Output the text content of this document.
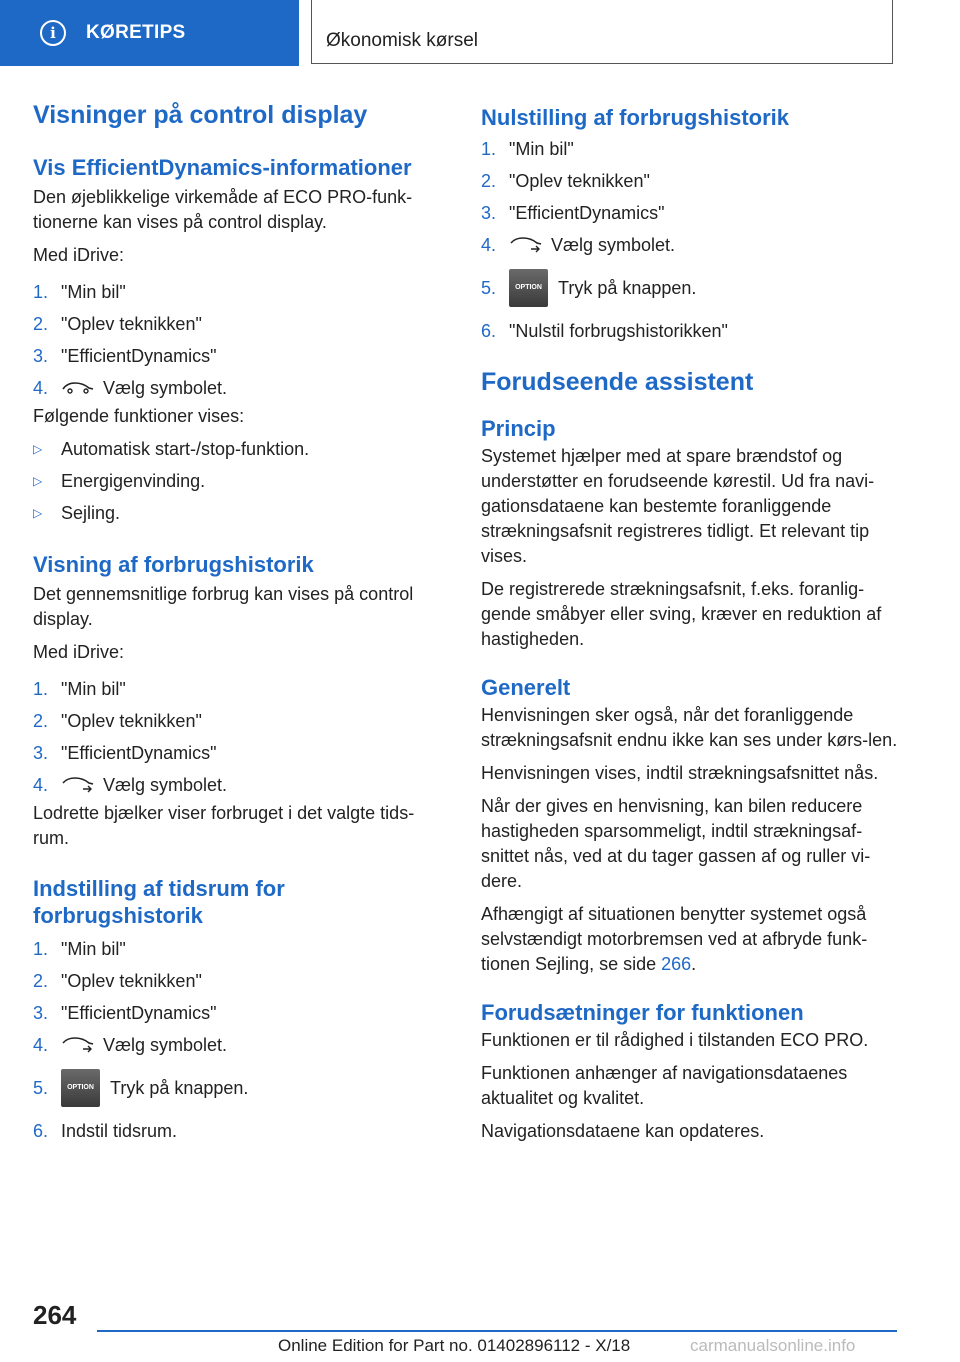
i	KØRETIPS	Økonomisk kørsel
Visninger på control display
Vis EfficientDynamics-informationer

Den øjeblikkelige virkemåde af ECO PRO-funk-tionerne kan vises på control display.

Med iDrive:

1. "Min bil"
2. "Oplev teknikken"
3. "EfficientDynamics"
4.	Vælg symbolet.

Følgende funktioner vises:

▷	Automatisk start-/stop-funktion.
▷	Energigenvinding.
▷	Sejling.
Visning af forbrugshistorik

Det gennemsnitlige forbrug kan vises på control display.

Med iDrive:

1. "Min bil"
2. "Oplev teknikken"
3. "EfficientDynamics"
4.	Vælg symbolet.

Lodrette bjælker viser forbruget i det valgte tids-rum.

Indstilling af tidsrum for forbrugshistorik
1. "Min bil"
2. "Oplev teknikken"
3. "EfficientDynamics"
4.	Vælg symbolet.
5.	OPTION Tryk på knappen.
6. Indstil tidsrum.
Nulstilling af forbrugshistorik
1. "Min bil"
2. "Oplev teknikken"
3. "EfficientDynamics"
4.	Vælg symbolet.
5.	OPTION Tryk på knappen.
6. "Nulstil forbrugshistorikken"
Forudseende assistent
Princip

Systemet hjælper med at spare brændstof og understøtter en forudseende kørestil. Ud fra navi-gationsdataene kan bestemte foranliggende strækningsafsnit registreres tidligt. Et relevant tip vises.

De registrerede strækningsafsnit, f.eks. foranlig-gende småbyer eller sving, kræver en reduktion af hastigheden.

Generelt

Henvisningen sker også, når det foranliggende strækningsafsnit endnu ikke kan ses under kørs-len.

Henvisningen vises, indtil strækningsafsnittet nås.

Når der gives en henvisning, kan bilen reducere hastigheden sparsommeligt, indtil strækningsaf-snittet nås, ved at du tager gassen af og ruller vi-dere.

Afhængigt af situationen benytter systemet også selvstændigt motorbremsen ved at afbryde funk-tionen Sejling, se side 266.

Forudsætninger for funktionen

Funktionen er til rådighed i tilstanden ECO PRO.

Funktionen anhænger af navigationsdataenes aktualitet og kvalitet.

Navigationsdataene kan opdateres.

264
Online Edition for Part no. 01402896112 - X/18	carmanualsonline.info
